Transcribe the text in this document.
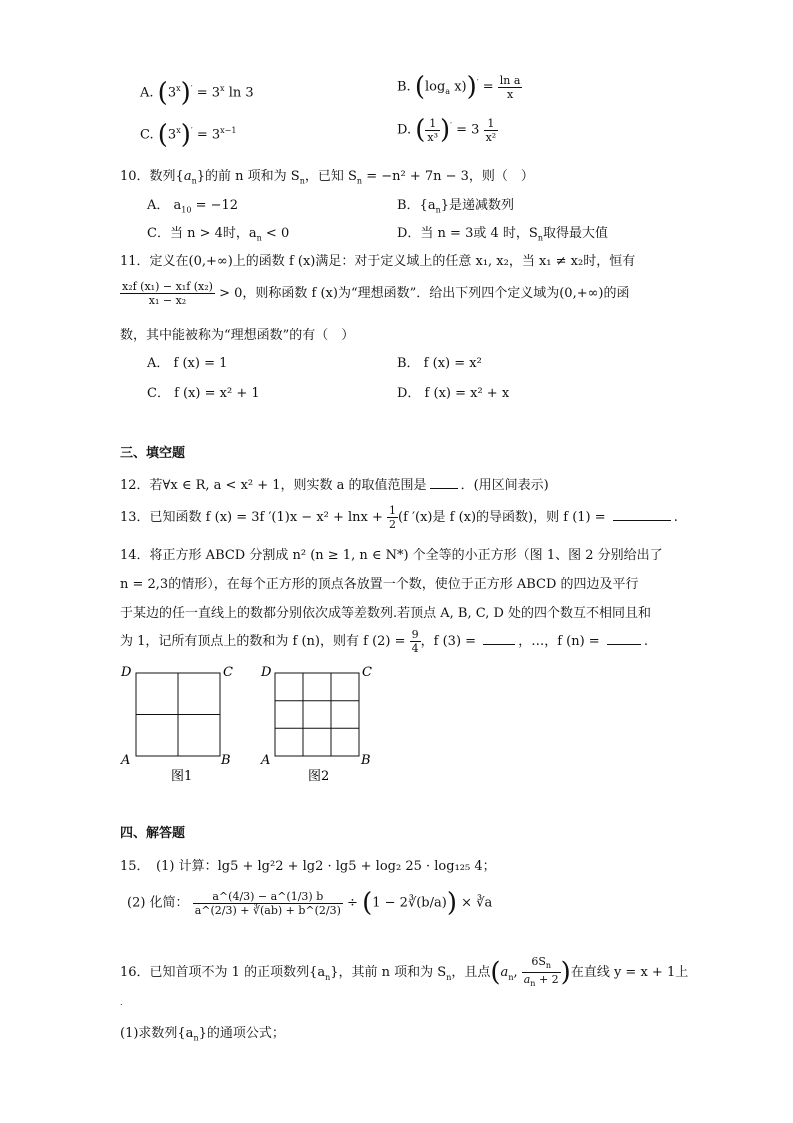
A. $(3^x)' = 3^x$ ln 3	B. ($\log_a$ $x))' = \frac{\text{ln a}}{x}$
C. $(3^x)' = 3^{x-1}$	D. ( $\frac{1}{\text{x³}} )' = 3 \frac{1}{\text{x²}}$
10．数列$\{a_n\}$的前 n 项和为 $S_n$，已知 $S_n = -n^2 + 7n - 3$，则（　）
A． $a_{10} = -12$	B．$\{a_n\}$是递减数列
C．当 n > 4时，$a_n < 0$	D．当 n = 3或 4 时，$S_n$取得最大值
11．定义在(0,+∞)上的函数 f (x)满足：对于定义域上的任意 x₁, x₂，当 x₁ ≠ x₂时，恒有
$\frac{\text{x₂f (x₁) − x₁f (x₂)}}{\text{x₁ − x₂}} > 0$，则称函数 f (x)为“理想函数”．给出下列四个定义域为(0,+∞)的函
数，其中能被称为“理想函数”的有（　）
A． f (x) = 1	B． f (x) = x²
C． f (x) = x² + 1	D． f (x) = x² + x
三、填空题
12．若∀x ∈ R, a < x² + 1，则实数 a 的取值范围是	．(用区间表示)
13．已知函数 f (x) = 3f $'(1)x - x^2 + \ln x + \frac{1}{2} (f$ ′(x)是 f (x)的导函数)，则 f (1) =	.
14．将正方形 ABCD 分割成 n² (n ≥ 1, n ∈ N*) 个全等的小正方形（图 1、图 2 分别给出了
n = 2,3的情形），在每个正方形的顶点各放置一个数，使位于正方形 ABCD 的四边及平行
于某边的任一直线上的数都分别依次成等差数列.若顶点 A, B, C, D 处的四个数互不相同且和
为 1，记所有顶点上的数和为 f (n)，则有 f $(2) = \frac{9}{4}$ ，f (3) =	，…，f (n) =	.
D	C
A	B
图1
D	C
A	B
图2
四、解答题
15．　(1) 计算：lg5 + lg²2 + lg2 · lg5 + log₂ 25 · log₁₂₅ 4；
(2) 化简： $\frac{a\^{}(4/3) - a\^{}(1/3) b}{a\^{}(2/3) + ∛(ab) + b\^{}(2/3)} \div (1$ − 2∛(b/a)) × ∛a
16．已知首项不为 1 的正项数列$\{a_n\}$，其前 n 项和为 $S_n$，且点($a_n$, $\frac{6S_n}{a_n + 2}$ )在直线 y = x + 1上
.
(1)求数列$\{a_n\}$的通项公式；
